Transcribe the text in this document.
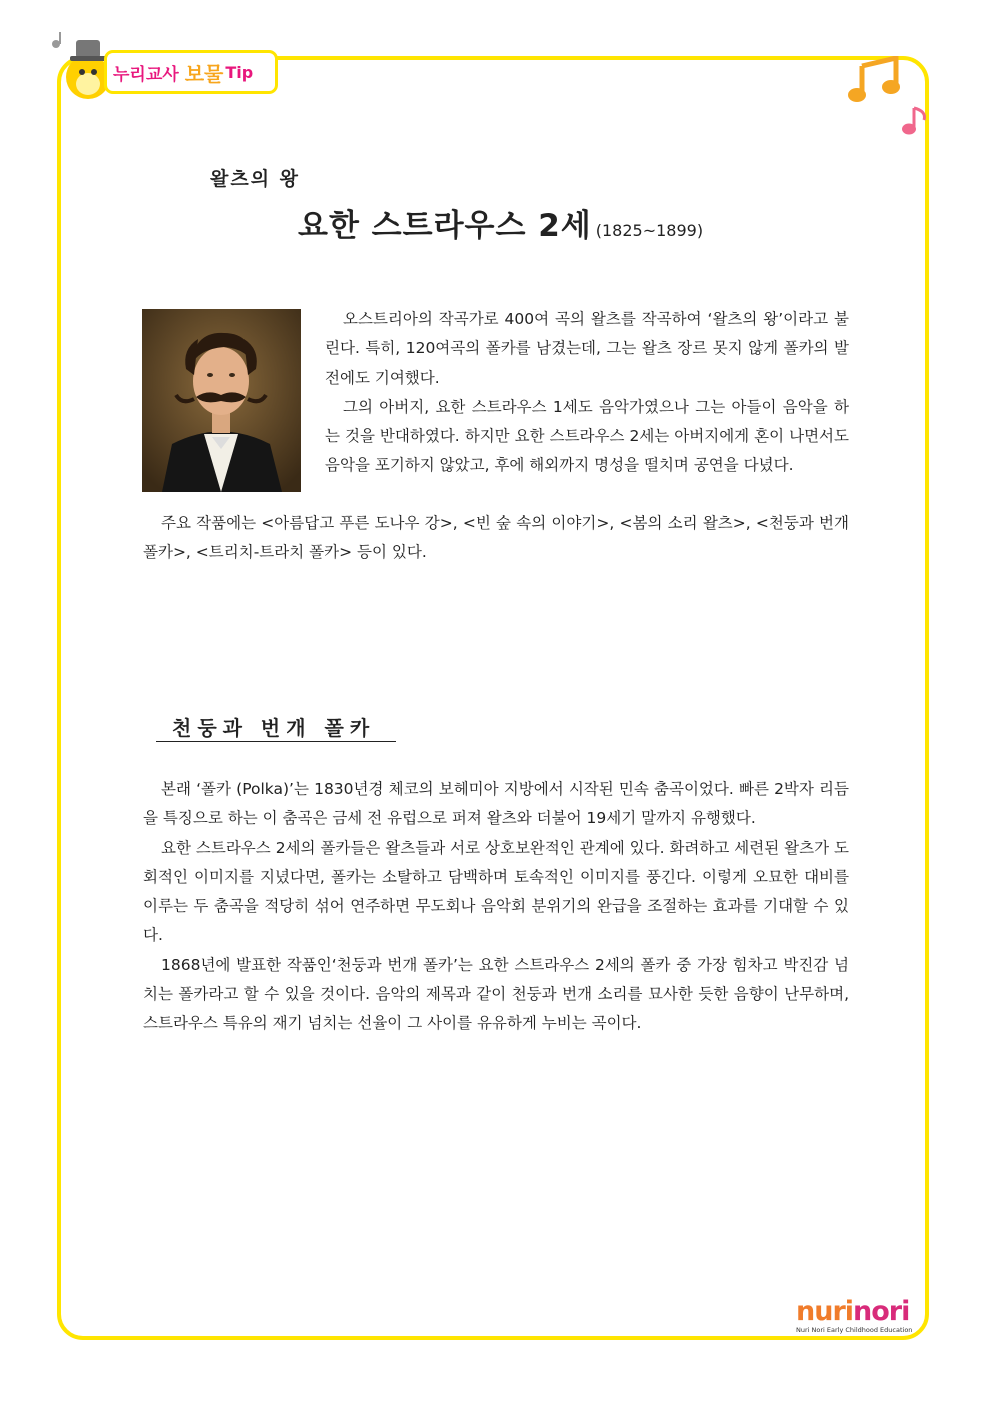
누리교사 보물 Tip
왈츠의 왕
요한 스트라우스 2세 (1825~1899)

오스트리아의 작곡가로 400여 곡의 왈츠를 작곡하여 ‘왈츠의 왕’이라고 불린다. 특히, 120여곡의 폴카를 남겼는데, 그는 왈츠 장르 못지 않게 폴카의 발전에도 기여했다.

그의 아버지, 요한 스트라우스 1세도 음악가였으나 그는 아들이 음악을 하는 것을 반대하였다. 하지만 요한 스트라우스 2세는 아버지에게 혼이 나면서도 음악을 포기하지 않았고, 후에 해외까지 명성을 떨치며 공연을 다녔다.

주요 작품에는 <아름답고 푸른 도나우 강>, <빈 숲 속의 이야기>, <봄의 소리 왈츠>, <천둥과 번개 폴카>, <트리치-트라치 폴카> 등이 있다.

천둥과 번개 폴카

본래 ‘폴카 (Polka)’는 1830년경 체코의 보헤미아 지방에서 시작된 민속 춤곡이었다. 빠른 2박자 리듬을 특징으로 하는 이 춤곡은 금세 전 유럽으로 퍼져 왈츠와 더불어 19세기 말까지 유행했다.

요한 스트라우스 2세의 폴카들은 왈츠들과 서로 상호보완적인 관계에 있다. 화려하고 세련된 왈츠가 도회적인 이미지를 지녔다면, 폴카는 소탈하고 담백하며 토속적인 이미지를 풍긴다. 이렇게 오묘한 대비를 이루는 두 춤곡을 적당히 섞어 연주하면 무도회나 음악회 분위기의 완급을 조절하는 효과를 기대할 수 있다.

1868년에 발표한 작품인‘천둥과 번개 폴카’는 요한 스트라우스 2세의 폴카 중 가장 힘차고 박진감 넘치는 폴카라고 할 수 있을 것이다. 음악의 제목과 같이 천둥과 번개 소리를 묘사한 듯한 음향이 난무하며, 스트라우스 특유의 재기 넘치는 선율이 그 사이를 유유하게 누비는 곡이다.

nurinori
Nuri Nori Early Childhood Education
